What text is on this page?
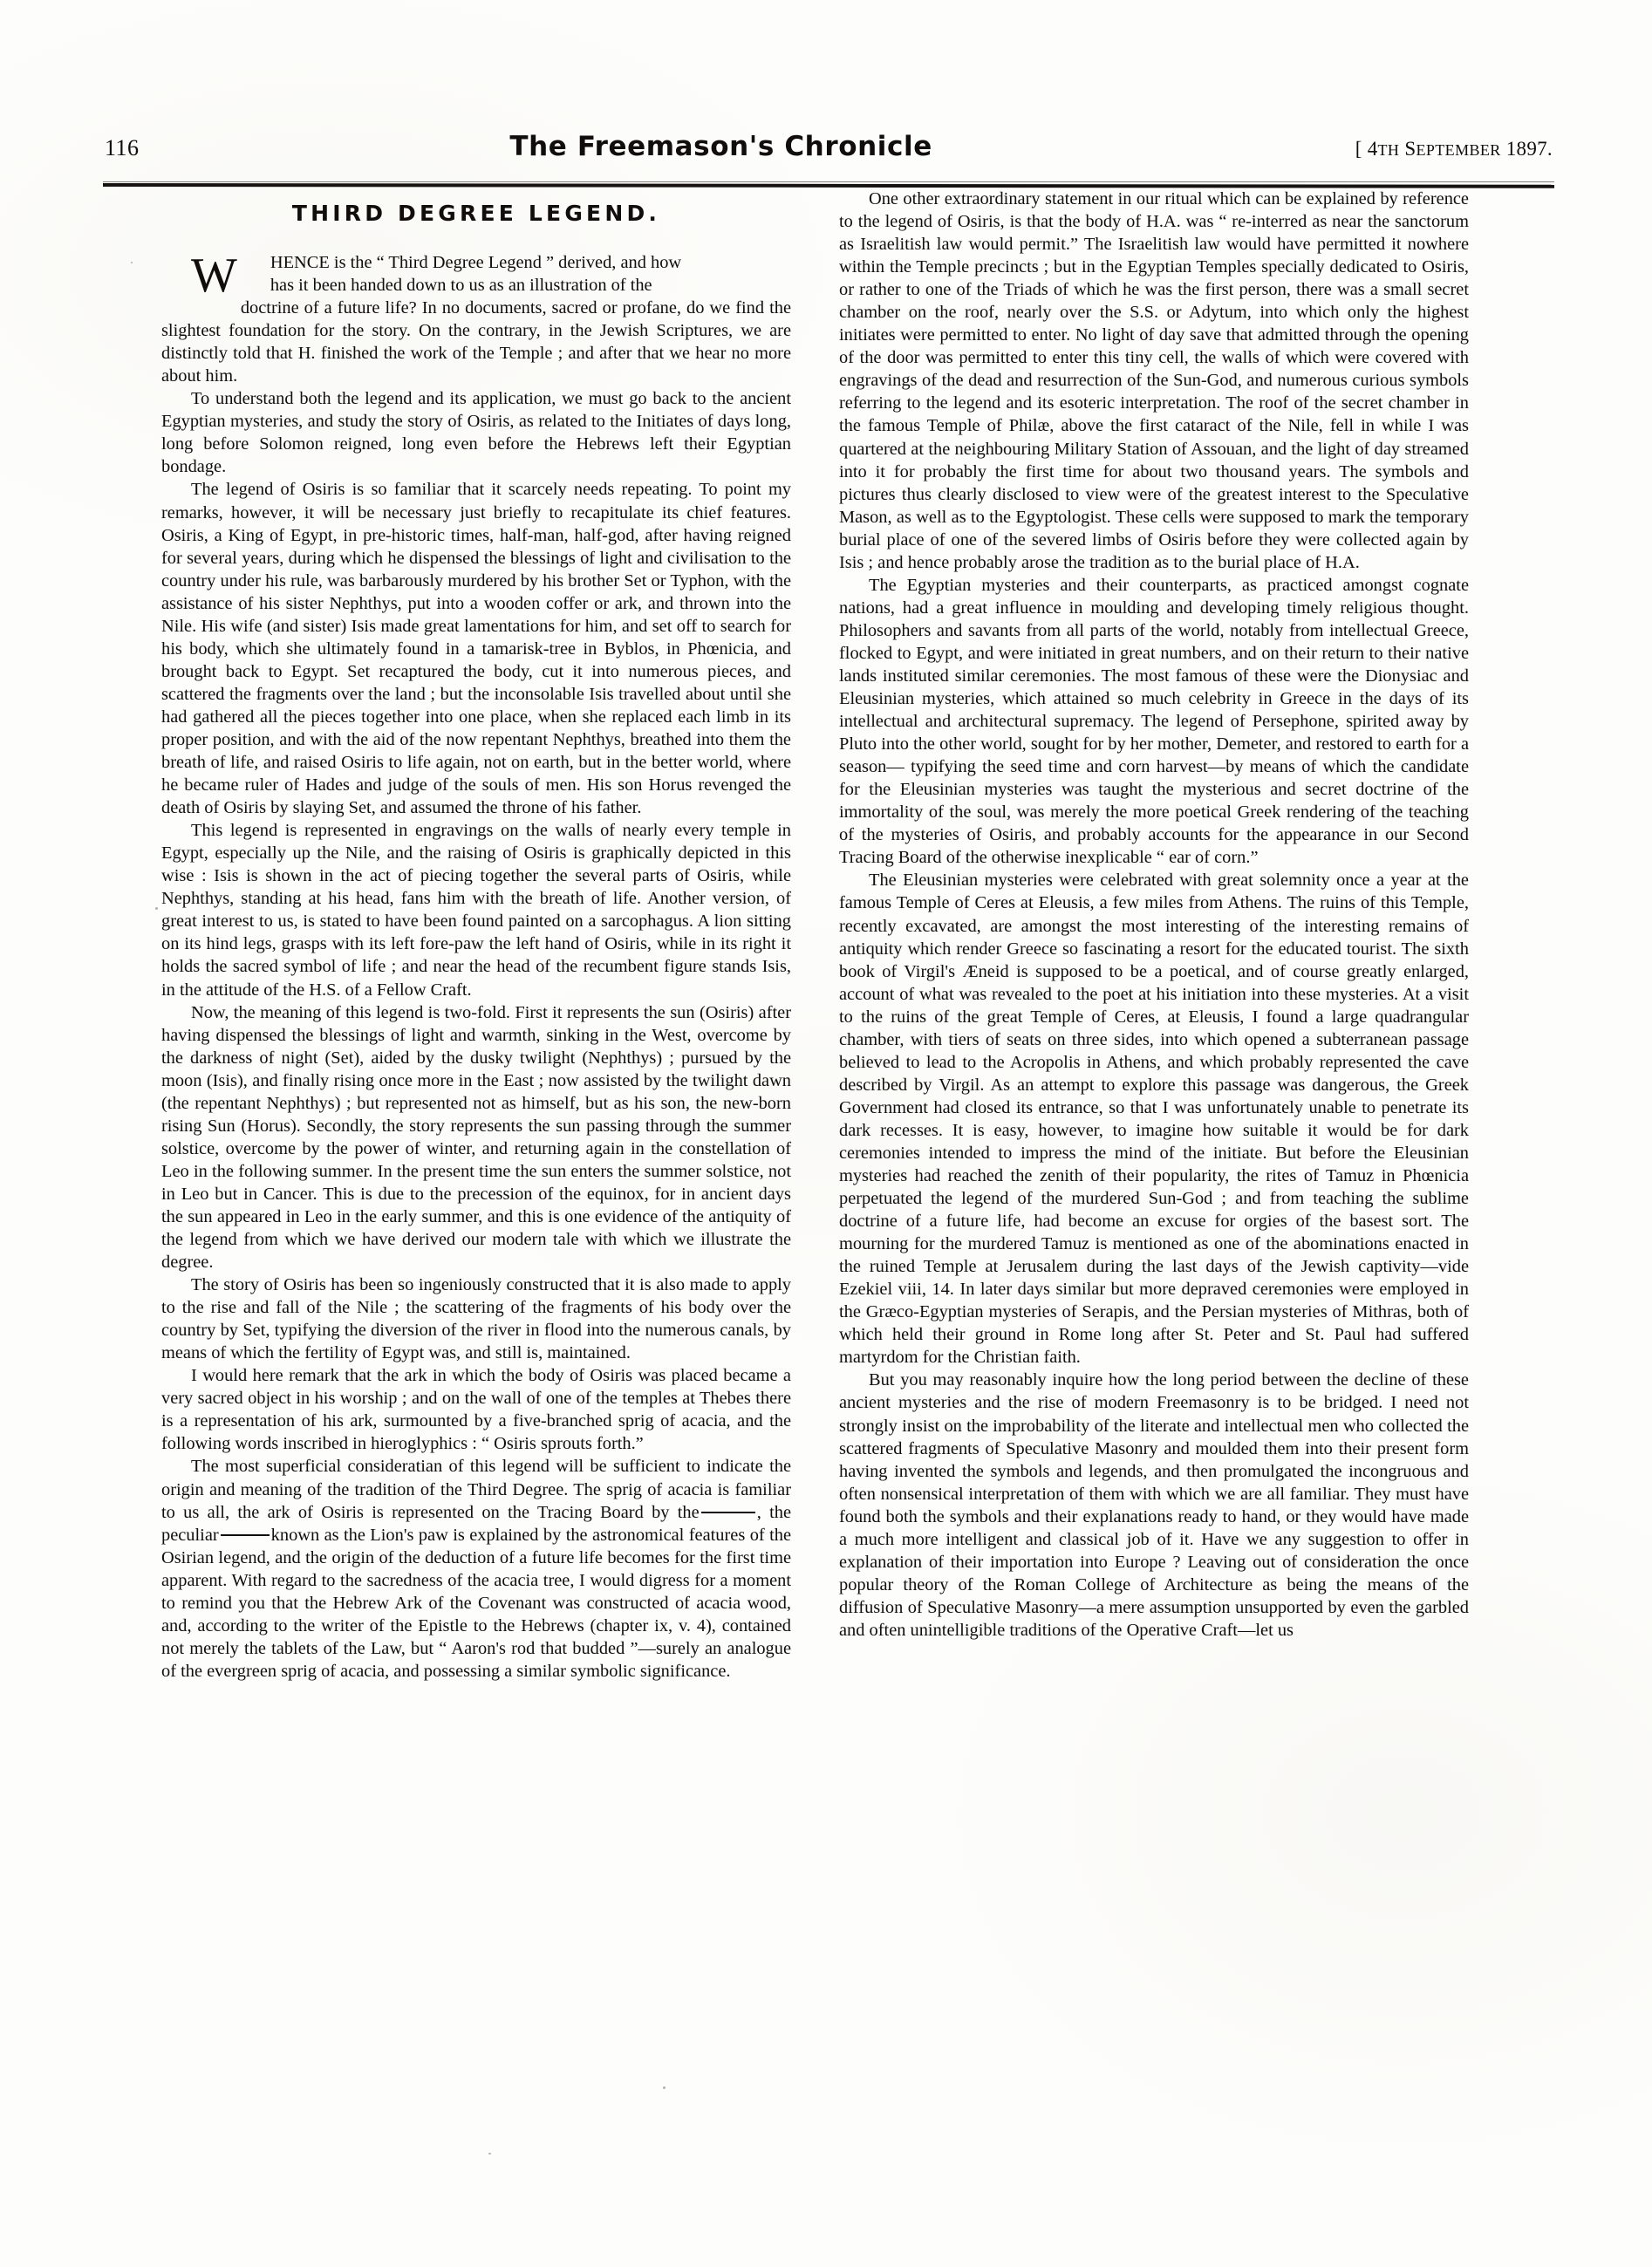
116	The Freemason's Chronicle	[ 4TH SEPTEMBER 1897.
THIRD DEGREE LEGEND.

W HENCE is the “ Third Degree Legend ” derived, and how
has it been handed down to us as an illustration of the
doctrine of a future life? In no documents, sacred or profane, do we find the slightest foundation for the story. On the contrary, in the Jewish Scriptures, we are distinctly told that H. finished the work of the Temple ; and after that we hear no more about him.

To understand both the legend and its application, we must go back to the ancient Egyptian mysteries, and study the story of Osiris, as related to the Initiates of days long, long before Solomon reigned, long even before the Hebrews left their Egyptian bondage.

The legend of Osiris is so familiar that it scarcely needs repeating. To point my remarks, however, it will be necessary just briefly to recapitulate its chief features. Osiris, a King of Egypt, in pre-historic times, half-man, half-god, after having reigned for several years, during which he dispensed the blessings of light and civilisation to the country under his rule, was barbarously murdered by his brother Set or Typhon, with the assistance of his sister Nephthys, put into a wooden coffer or ark, and thrown into the Nile. His wife (and sister) Isis made great lamentations for him, and set off to search for his body, which she ultimately found in a tamarisk-tree in Byblos, in Phœnicia, and brought back to Egypt. Set recaptured the body, cut it into numerous pieces, and scattered the fragments over the land ; but the inconsolable Isis travelled about until she had gathered all the pieces together into one place, when she replaced each limb in its proper position, and with the aid of the now repentant Nephthys, breathed into them the breath of life, and raised Osiris to life again, not on earth, but in the better world, where he became ruler of Hades and judge of the souls of men. His son Horus revenged the death of Osiris by slaying Set, and assumed the throne of his father.

This legend is represented in engravings on the walls of nearly every temple in Egypt, especially up the Nile, and the raising of Osiris is graphically depicted in this wise : Isis is shown in the act of piecing together the several parts of Osiris, while Nephthys, standing at his head, fans him with the breath of life. Another version, of great interest to us, is stated to have been found painted on a sarcophagus. A lion sitting on its hind legs, grasps with its left fore-paw the left hand of Osiris, while in its right it holds the sacred symbol of life ; and near the head of the recumbent figure stands Isis, in the attitude of the H.S. of a Fellow Craft.

Now, the meaning of this legend is two-fold. First it represents the sun (Osiris) after having dispensed the blessings of light and warmth, sinking in the West, overcome by the darkness of night (Set), aided by the dusky twilight (Nephthys) ; pursued by the moon (Isis), and finally rising once more in the East ; now assisted by the twilight dawn (the repentant Nephthys) ; but represented not as himself, but as his son, the new-born rising Sun (Horus). Secondly, the story represents the sun passing through the summer solstice, overcome by the power of winter, and returning again in the constellation of Leo in the following summer. In the present time the sun enters the summer solstice, not in Leo but in Cancer. This is due to the precession of the equinox, for in ancient days the sun appeared in Leo in the early summer, and this is one evidence of the antiquity of the legend from which we have derived our modern tale with which we illustrate the degree.

The story of Osiris has been so ingeniously constructed that it is also made to apply to the rise and fall of the Nile ; the scattering of the fragments of his body over the country by Set, typifying the diversion of the river in flood into the numerous canals, by means of which the fertility of Egypt was, and still is, maintained.

I would here remark that the ark in which the body of Osiris was placed became a very sacred object in his worship ; and on the wall of one of the temples at Thebes there is a representation of his ark, surmounted by a five-branched sprig of acacia, and the following words inscribed in hieroglyphics : “ Osiris sprouts forth.”

The most superficial consideratian of this legend will be sufficient to indicate the origin and meaning of the tradition of the Third Degree. The sprig of acacia is familiar to us all, the ark of Osiris is represented on the Tracing Board by the	, the peculiar	known as the Lion's paw is explained by the astronomical features of the Osirian legend, and the origin of the deduction of a future life becomes for the first time apparent. With regard to the sacredness of the acacia tree, I would digress for a moment to remind you that the Hebrew Ark of the Covenant was constructed of acacia wood, and, according to the writer of the Epistle to the Hebrews (chapter ix, v. 4), contained not merely the tablets of the Law, but “ Aaron's rod that budded ”—surely an analogue of the evergreen sprig of acacia, and possessing a similar symbolic significance.

One other extraordinary statement in our ritual which can be explained by reference to the legend of Osiris, is that the body of H.A. was “ re-interred as near the sanctorum as Israelitish law would permit.” The Israelitish law would have permitted it nowhere within the Temple precincts ; but in the Egyptian Temples specially dedicated to Osiris, or rather to one of the Triads of which he was the first person, there was a small secret chamber on the roof, nearly over the S.S. or Adytum, into which only the highest initiates were permitted to enter. No light of day save that admitted through the opening of the door was permitted to enter this tiny cell, the walls of which were covered with engravings of the dead and resurrection of the Sun-God, and numerous curious symbols referring to the legend and its esoteric interpretation. The roof of the secret chamber in the famous Temple of Philæ, above the first cataract of the Nile, fell in while I was quartered at the neighbouring Military Station of Assouan, and the light of day streamed into it for probably the first time for about two thousand years. The symbols and pictures thus clearly disclosed to view were of the greatest interest to the Speculative Mason, as well as to the Egyptologist. These cells were supposed to mark the temporary burial place of one of the severed limbs of Osiris before they were collected again by Isis ; and hence probably arose the tradition as to the burial place of H.A.

The Egyptian mysteries and their counterparts, as practiced amongst cognate nations, had a great influence in moulding and developing timely religious thought. Philosophers and savants from all parts of the world, notably from intellectual Greece, flocked to Egypt, and were initiated in great numbers, and on their return to their native lands instituted similar ceremonies. The most famous of these were the Dionysiac and Eleusinian mysteries, which attained so much celebrity in Greece in the days of its intellectual and architectural supremacy. The legend of Persephone, spirited away by Pluto into the other world, sought for by her mother, Demeter, and restored to earth for a season— typifying the seed time and corn harvest—by means of which the candidate for the Eleusinian mysteries was taught the mysterious and secret doctrine of the immortality of the soul, was merely the more poetical Greek rendering of the teaching of the mysteries of Osiris, and probably accounts for the appearance in our Second Tracing Board of the otherwise inexplicable “ ear of corn.”

The Eleusinian mysteries were celebrated with great solemnity once a year at the famous Temple of Ceres at Eleusis, a few miles from Athens. The ruins of this Temple, recently excavated, are amongst the most interesting of the interesting remains of antiquity which render Greece so fascinating a resort for the educated tourist. The sixth book of Virgil's Æneid is supposed to be a poetical, and of course greatly enlarged, account of what was revealed to the poet at his initiation into these mysteries. At a visit to the ruins of the great Temple of Ceres, at Eleusis, I found a large quadrangular chamber, with tiers of seats on three sides, into which opened a subterranean passage believed to lead to the Acropolis in Athens, and which probably represented the cave described by Virgil. As an attempt to explore this passage was dangerous, the Greek Government had closed its entrance, so that I was unfortunately unable to penetrate its dark recesses. It is easy, however, to imagine how suitable it would be for dark ceremonies intended to impress the mind of the initiate. But before the Eleusinian mysteries had reached the zenith of their popularity, the rites of Tamuz in Phœnicia perpetuated the legend of the murdered Sun-God ; and from teaching the sublime doctrine of a future life, had become an excuse for orgies of the basest sort. The mourning for the murdered Tamuz is mentioned as one of the abominations enacted in the ruined Temple at Jerusalem during the last days of the Jewish captivity—vide Ezekiel viii, 14. In later days similar but more depraved ceremonies were employed in the Græco-Egyptian mysteries of Serapis, and the Persian mysteries of Mithras, both of which held their ground in Rome long after St. Peter and St. Paul had suffered martyrdom for the Christian faith.

But you may reasonably inquire how the long period between the decline of these ancient mysteries and the rise of modern Freemasonry is to be bridged. I need not strongly insist on the improbability of the literate and intellectual men who collected the scattered fragments of Speculative Masonry and moulded them into their present form having invented the symbols and legends, and then promulgated the incongruous and often nonsensical interpretation of them with which we are all familiar. They must have found both the symbols and their explanations ready to hand, or they would have made a much more intelligent and classical job of it. Have we any suggestion to offer in explanation of their importation into Europe ? Leaving out of consideration the once popular theory of the Roman College of Architecture as being the means of the diffusion of Speculative Masonry—a mere assumption unsupported by even the garbled and often unintelligible traditions of the Operative Craft—let us
